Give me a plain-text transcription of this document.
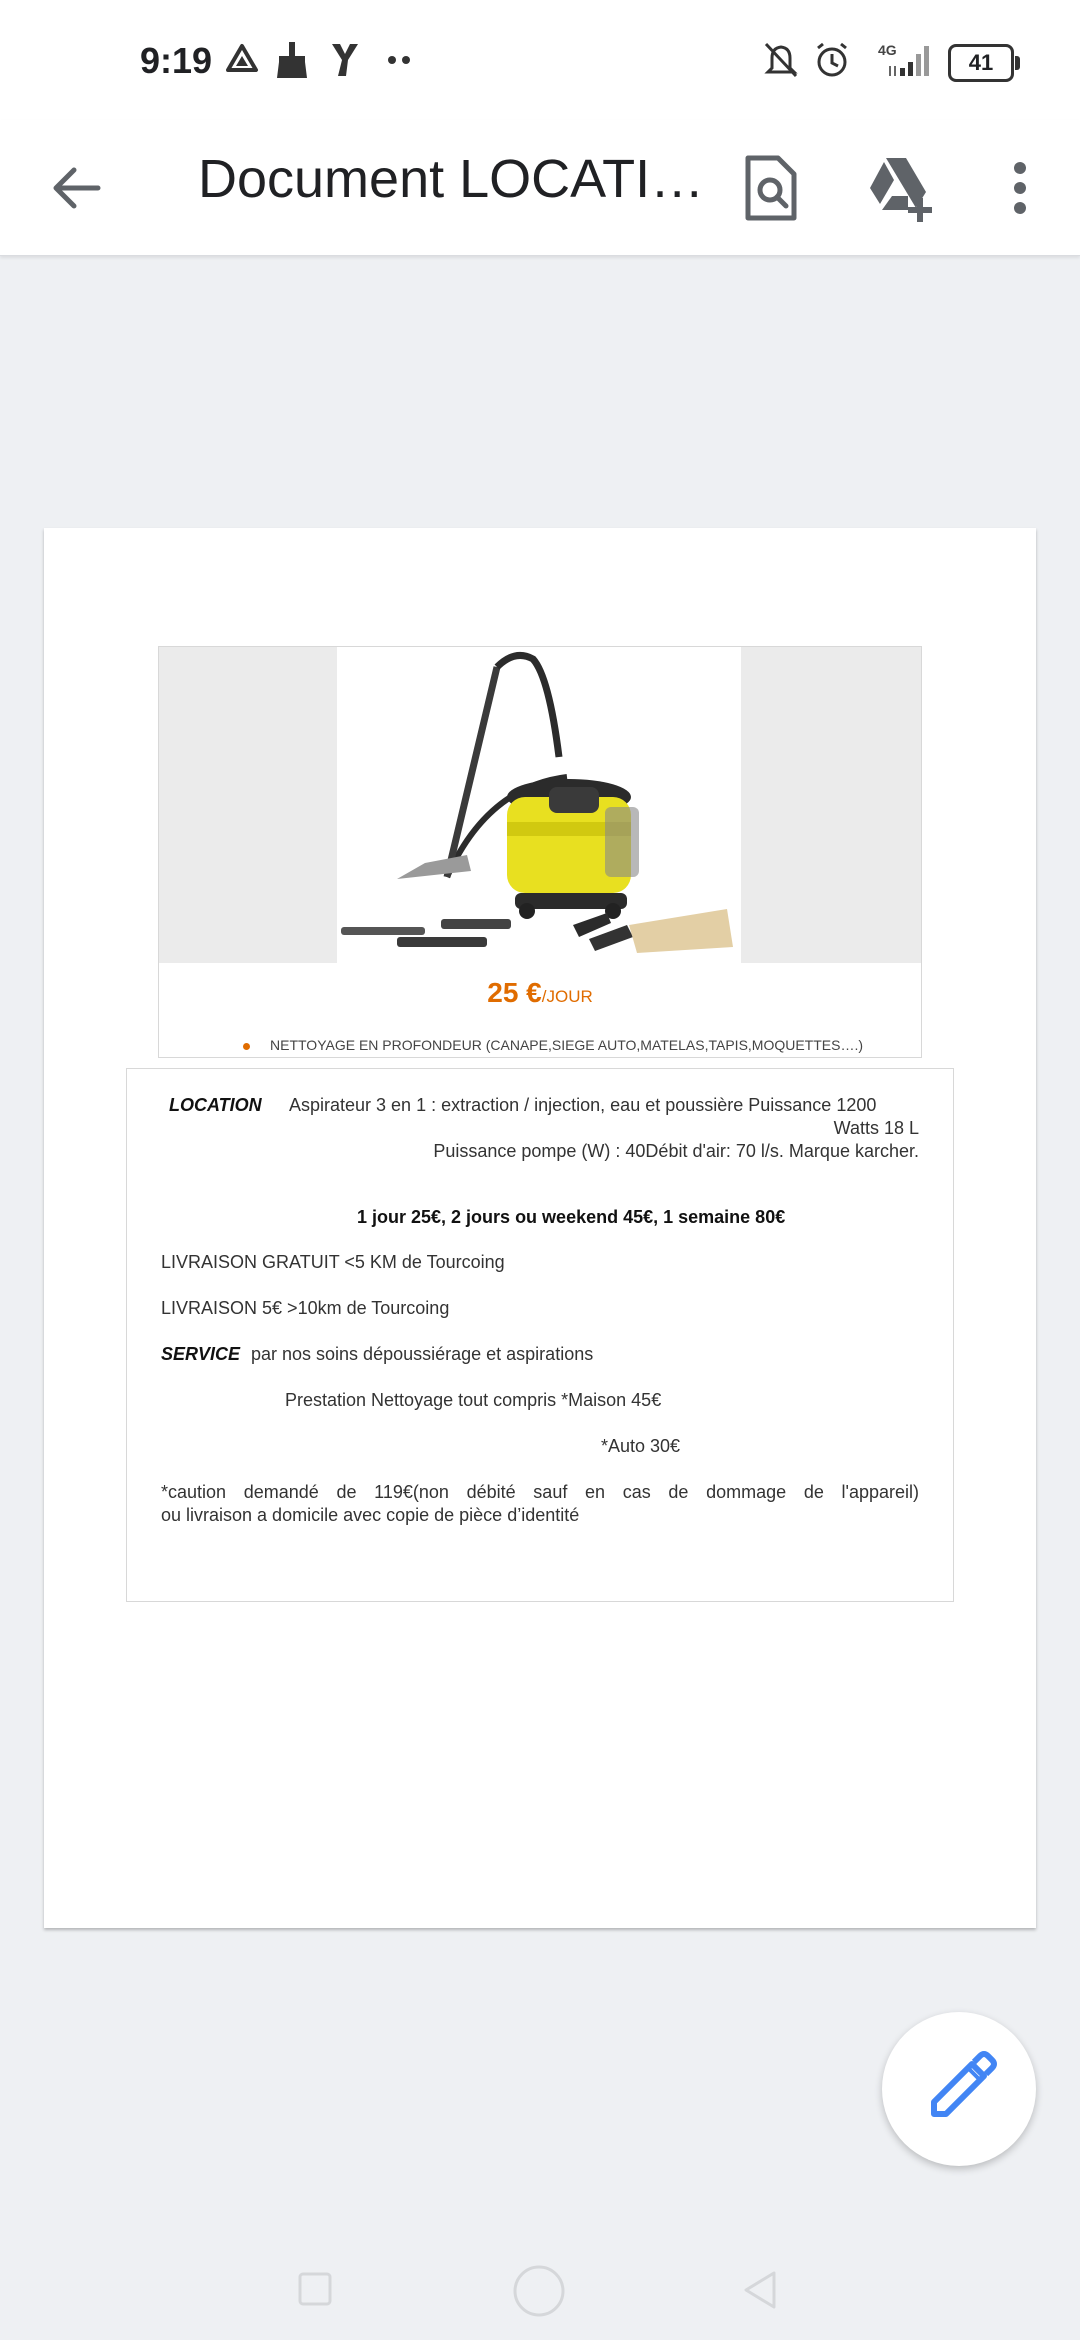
9:19	4G	41
Document LOCATI…
25 €/JOUR
NETTOYAGE EN PROFONDEUR (CANAPE,SIEGE AUTO,MATELAS,TAPIS,MOQUETTES….)
LOCATION Aspirateur 3 en 1 : extraction / injection, eau et poussière Puissance 1200
Watts 18 L
Puissance pompe (W) : 40Débit d'air: 70 l/s. Marque karcher.
1 jour 25€, 2 jours ou weekend 45€, 1 semaine 80€
LIVRAISON GRATUIT <5 KM de Tourcoing
LIVRAISON 5€ >10km de Tourcoing
SERVICE par nos soins dépoussiérage et aspirations
Prestation Nettoyage tout compris *Maison 45€
*Auto 30€
*caution demandé de 119€(non débité sauf en cas de dommage de l'appareil)
ou livraison a domicile avec copie de pièce d’identité
